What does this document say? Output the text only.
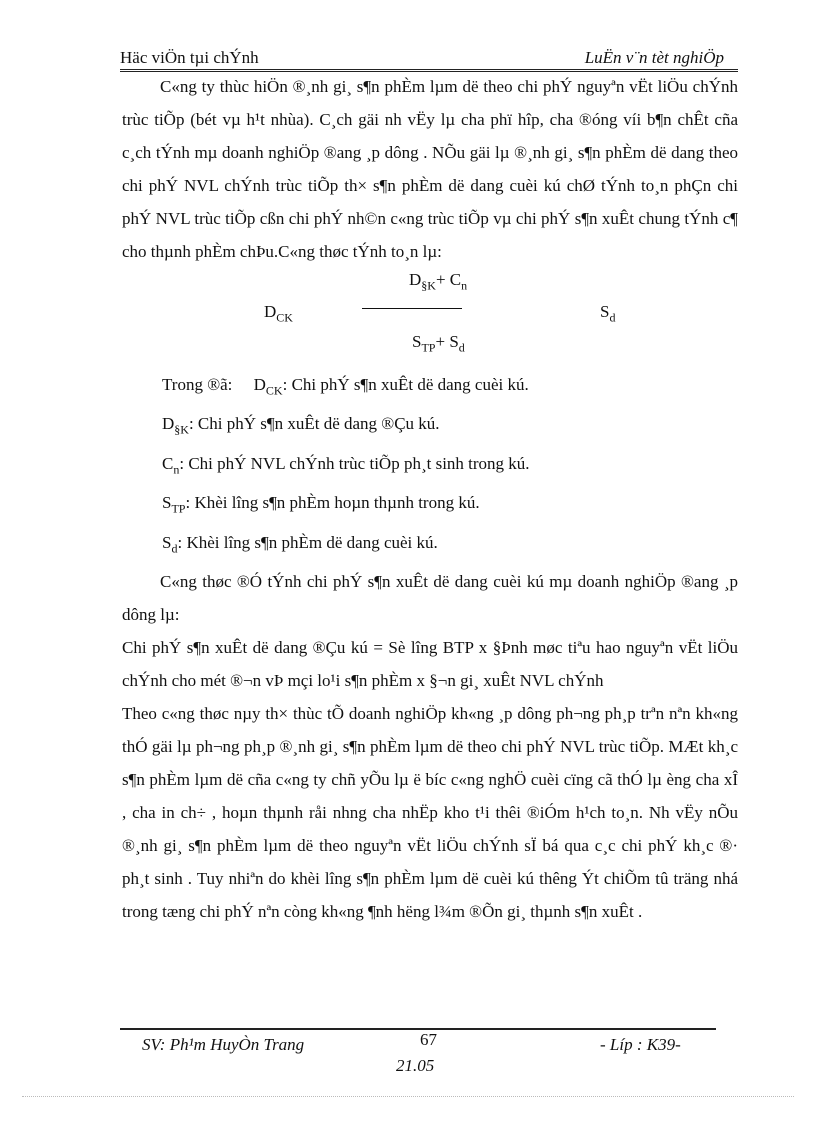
Häc viÖn tµi chÝnh	LuËn v¨n tèt nghiÖp

C«ng ty thùc hiÖn ®¸nh gi¸ s¶n phÈm lµm dë theo chi phÝ nguyªn vËt liÖu chÝnh trùc tiÕp (bét vµ h¹t nhùa). C¸ch gäi nh vËy lµ cha phï hîp, cha ®óng víi b¶n chÊt cña c¸ch tÝnh mµ doanh nghiÖp ®ang ¸p dông . NÕu gäi lµ ®¸nh gi¸ s¶n phÈm dë dang theo chi phÝ NVL chÝnh trùc tiÕp th× s¶n phÈm dë dang cuèi kú chØ tÝnh to¸n phÇn chi phÝ NVL trùc tiÕp cßn chi phÝ nh©n c«ng trùc tiÕp vµ chi phÝ s¶n xuÊt chung tÝnh c¶ cho thµnh phÈm chÞu.C«ng thøc tÝnh to¸n lµ:

$D_{\S K}+ C_n$
$D_{CK}$	$S_d$
$S_{TP}+ S_d$

Trong ®ã: $D_{CK}$: Chi phÝ s¶n xuÊt dë dang cuèi kú.

$D_{\S K}$: Chi phÝ s¶n xuÊt dë dang ®Çu kú.

$C_n$: Chi phÝ NVL chÝnh trùc tiÕp ph¸t sinh trong kú.

$S_{TP}$: Khèi lîng s¶n phÈm hoµn thµnh trong kú.

$S_d$: Khèi lîng s¶n phÈm dë dang cuèi kú.

C«ng thøc ®Ó tÝnh chi phÝ s¶n xuÊt dë dang cuèi kú mµ doanh nghiÖp ®ang ¸p dông lµ:

Chi phÝ s¶n xuÊt dë dang ®Çu kú = Sè lîng BTP x §Þnh møc tiªu hao nguyªn vËt liÖu chÝnh cho mét ®¬n vÞ mçi lo¹i s¶n phÈm x §¬n gi¸ xuÊt NVL chÝnh

Theo c«ng thøc nµy th× thùc tÕ doanh nghiÖp kh«ng ¸p dông ph¬ng ph¸p trªn nªn kh«ng thÓ gäi lµ ph¬ng ph¸p ®¸nh gi¸ s¶n phÈm lµm dë theo chi phÝ NVL trùc tiÕp. MÆt kh¸c s¶n phÈm lµm dë cña c«ng ty chñ yÕu lµ ë bíc c«ng nghÖ cuèi cïng cã thÓ lµ èng cha xÎ , cha in ch÷ , hoµn thµnh råi nhng cha nhËp kho t¹i thêi ®iÓm h¹ch to¸n. Nh vËy nÕu ®¸nh gi¸ s¶n phÈm lµm dë theo nguyªn vËt liÖu chÝnh sÏ bá qua c¸c chi phÝ kh¸c ®· ph¸t sinh . Tuy nhiªn do khèi lîng s¶n phÈm lµm dë cuèi kú thêng Ýt chiÕm tû träng nhá trong tæng chi phÝ nªn còng kh«ng ¶nh hëng l¾m ®Õn gi¸ thµnh s¶n xuÊt .

SV: Ph¹m HuyÒn Trang	67	- Líp : K39-
21.05
